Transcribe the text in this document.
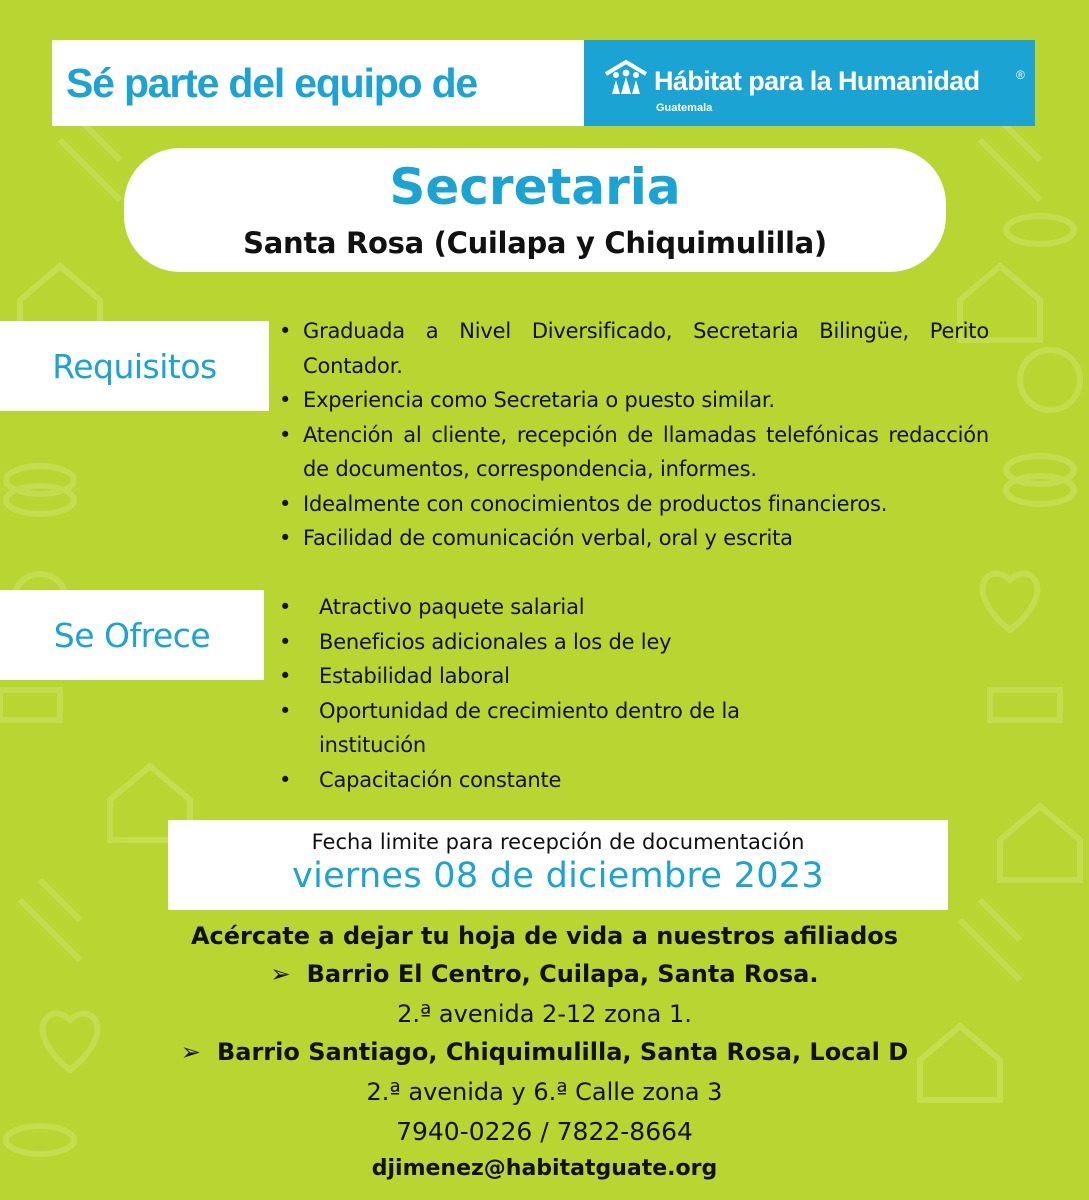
Sé parte del equipo de	Hábitat para la Humanidad	®
Guatemala
Secretaria
Santa Rosa (Cuilapa y Chiquimulilla)
Requisitos
• Graduada a Nivel Diversificado, Secretaria Bilingüe, Perito Contador.
• Experiencia como Secretaria o puesto similar.
• Atención al cliente, recepción de llamadas telefónicas redacción de documentos, correspondencia, informes.
• Idealmente con conocimientos de productos financieros.
• Facilidad de comunicación verbal, oral y escrita
Se Ofrece
• Atractivo paquete salarial
• Beneficios adicionales a los de ley
• Estabilidad laboral
• Oportunidad de crecimiento dentro de la institución
• Capacitación constante
Fecha limite para recepción de documentación
viernes 08 de diciembre 2023
Acércate a dejar tu hoja de vida a nuestros afiliados
➢ Barrio El Centro, Cuilapa, Santa Rosa.
2.ª avenida 2-12 zona 1.
➢ Barrio Santiago, Chiquimulilla, Santa Rosa, Local D
2.ª avenida y 6.ª Calle zona 3
7940-0226 / 7822-8664
djimenez@habitatguate.org
